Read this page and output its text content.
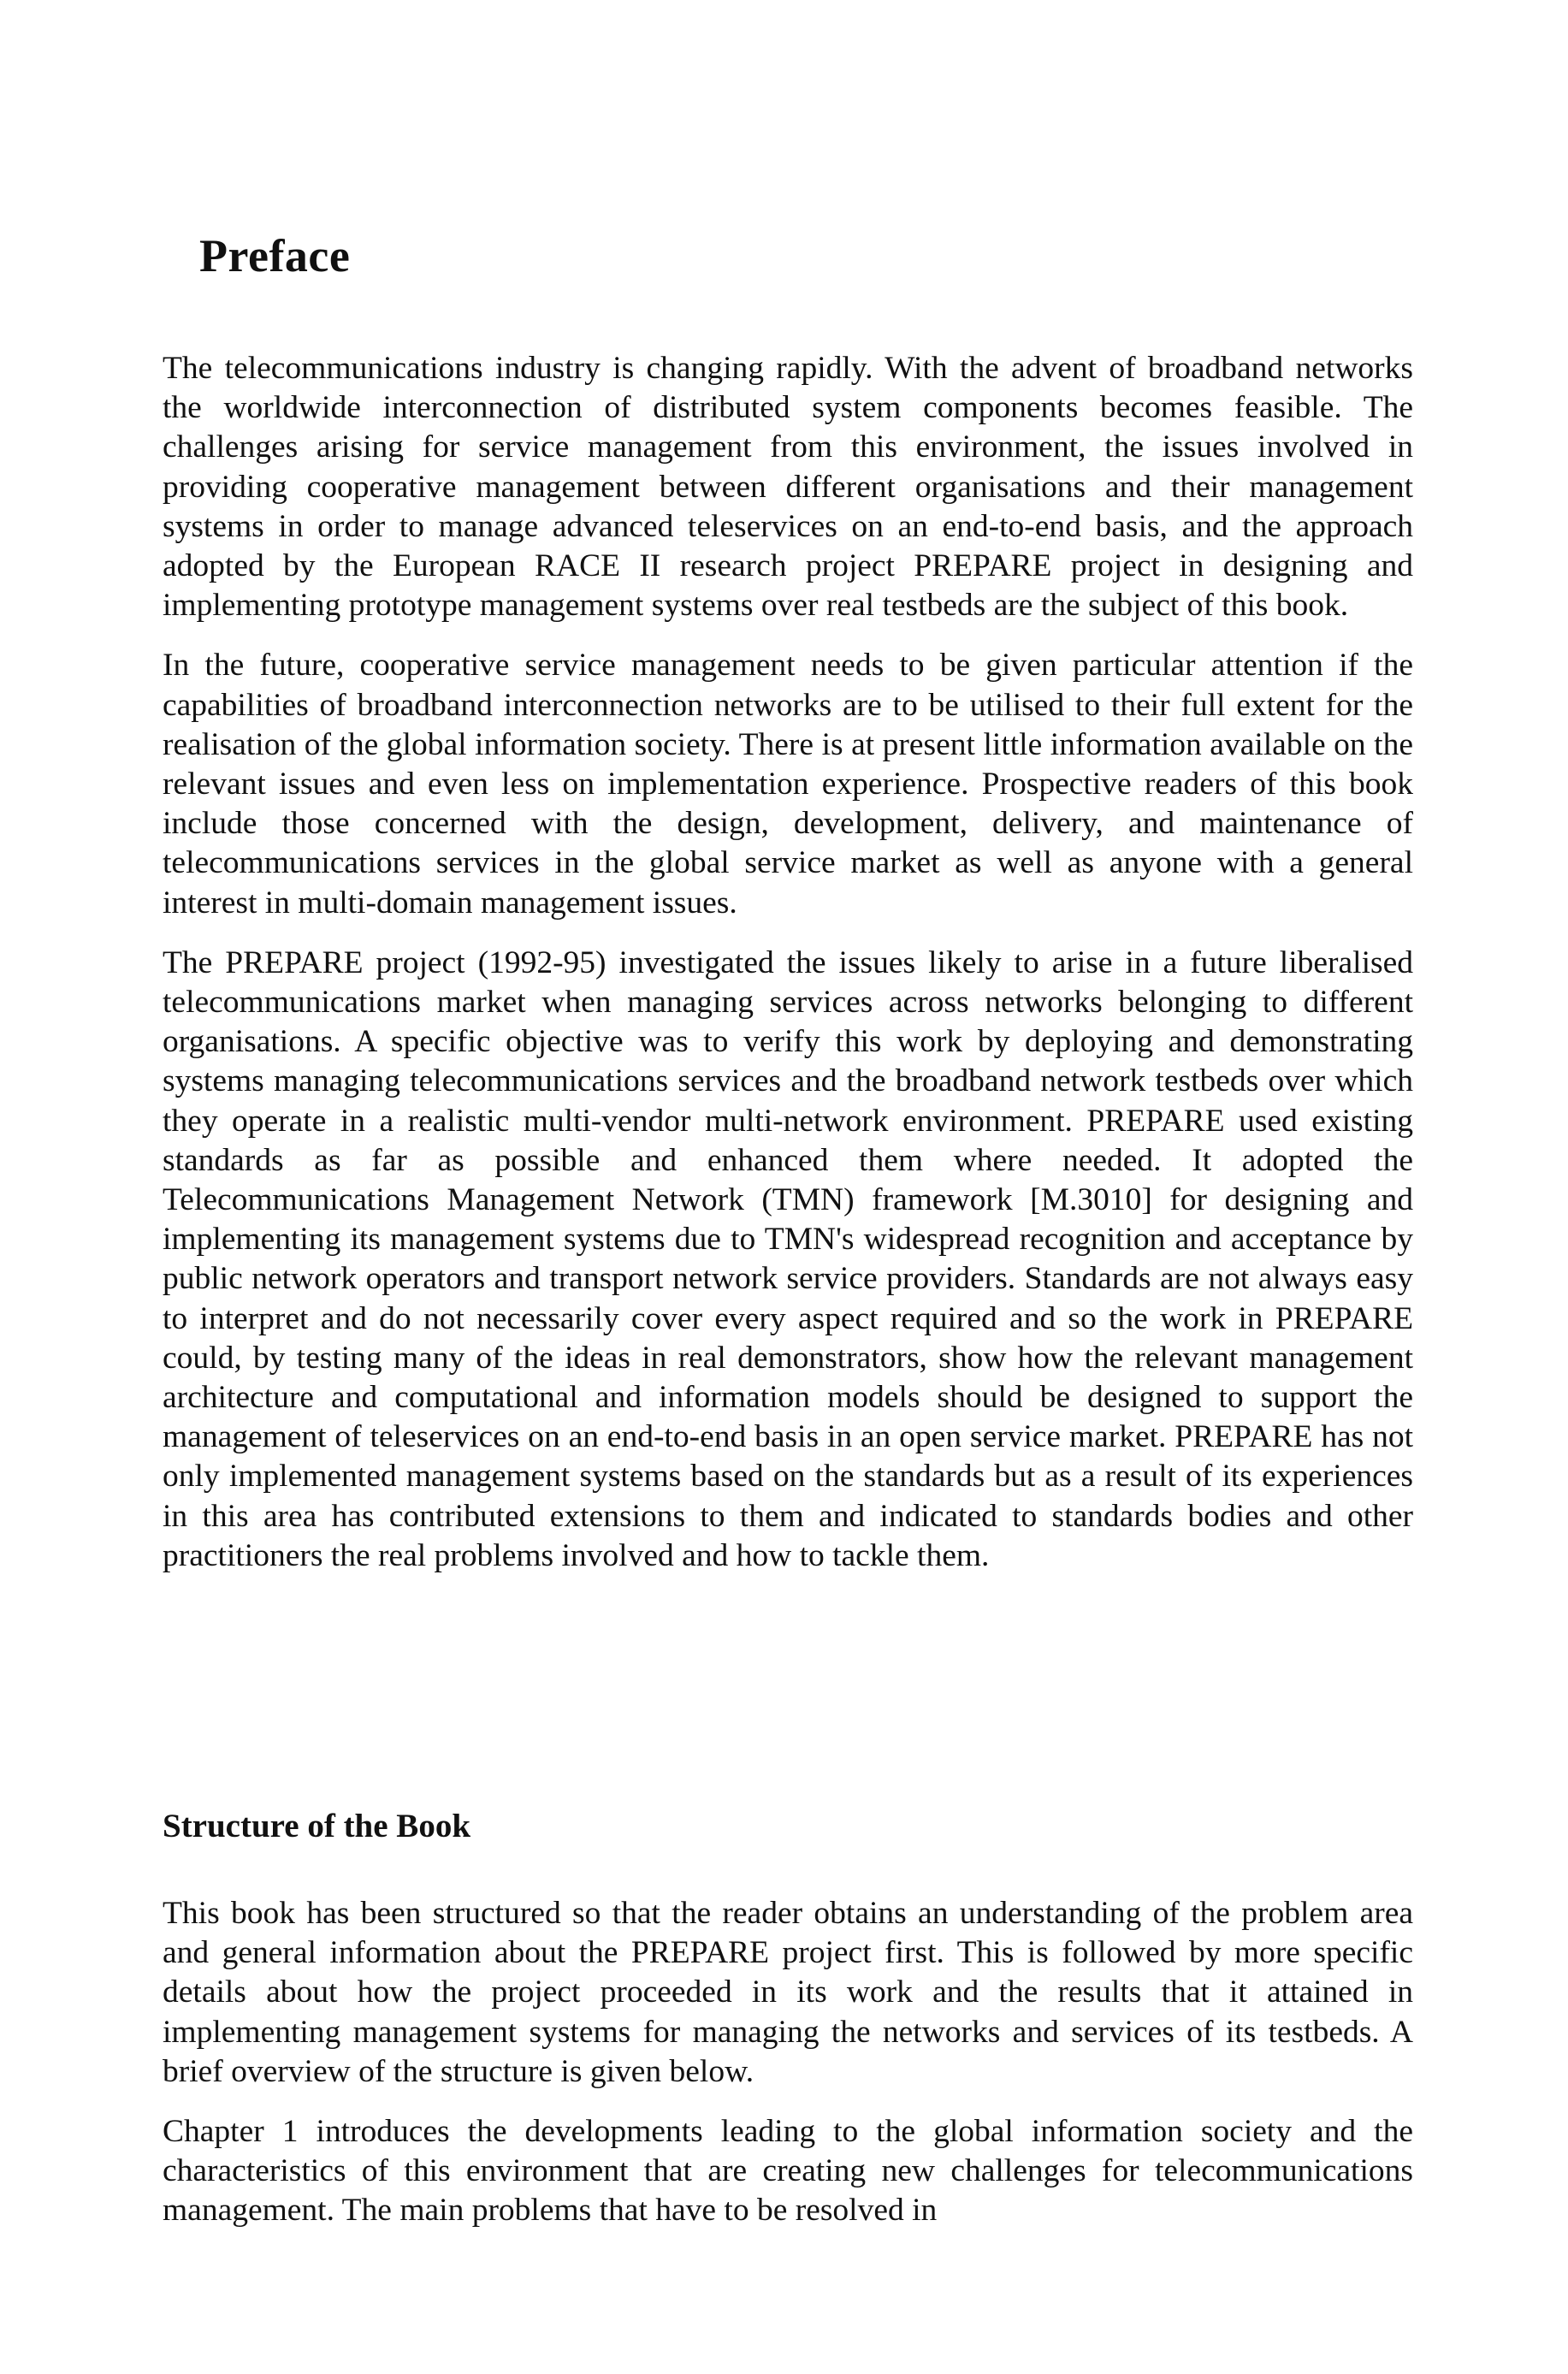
Preface

The telecommunications industry is changing rapidly. With the advent of broadband networks the worldwide interconnection of distributed system components becomes feasible. The challenges arising for service management from this environment, the issues involved in providing cooperative management between different organisations and their management systems in order to manage advanced teleservices on an end-to-end basis, and the approach adopted by the European RACE II research project PREPARE project in designing and implementing prototype management systems over real testbeds are the subject of this book.

In the future, cooperative service management needs to be given particular attention if the capabilities of broadband interconnection networks are to be utilised to their full extent for the realisation of the global information society. There is at present little information available on the relevant issues and even less on implementation experience. Prospective readers of this book include those concerned with the design, development, delivery, and maintenance of telecommunications services in the global service market as well as anyone with a general interest in multi-domain management issues.

The PREPARE project (1992-95) investigated the issues likely to arise in a future liberalised telecommunications market when managing services across networks belonging to different organisations. A specific objective was to verify this work by deploying and demonstrating systems managing telecommunications services and the broadband network testbeds over which they operate in a realistic multi-vendor multi-network environment. PREPARE used existing standards as far as possible and enhanced them where needed. It adopted the Telecommunications Management Network (TMN) framework [M.3010] for designing and implementing its management systems due to TMN's widespread recognition and acceptance by public network operators and transport network service providers. Standards are not always easy to interpret and do not necessarily cover every aspect required and so the work in PREPARE could, by testing many of the ideas in real demonstrators, show how the relevant management architecture and computational and information models should be designed to support the management of teleservices on an end-to-end basis in an open service market. PREPARE has not only implemented management systems based on the standards but as a result of its experiences in this area has contributed extensions to them and indicated to standards bodies and other practitioners the real problems involved and how to tackle them.

Structure of the Book

This book has been structured so that the reader obtains an understanding of the problem area and general information about the PREPARE project first. This is followed by more specific details about how the project proceeded in its work and the results that it attained in implementing management systems for managing the networks and services of its testbeds. A brief overview of the structure is given below.

Chapter 1 introduces the developments leading to the global information society and the characteristics of this environment that are creating new challenges for telecommunications management. The main problems that have to be resolved in
